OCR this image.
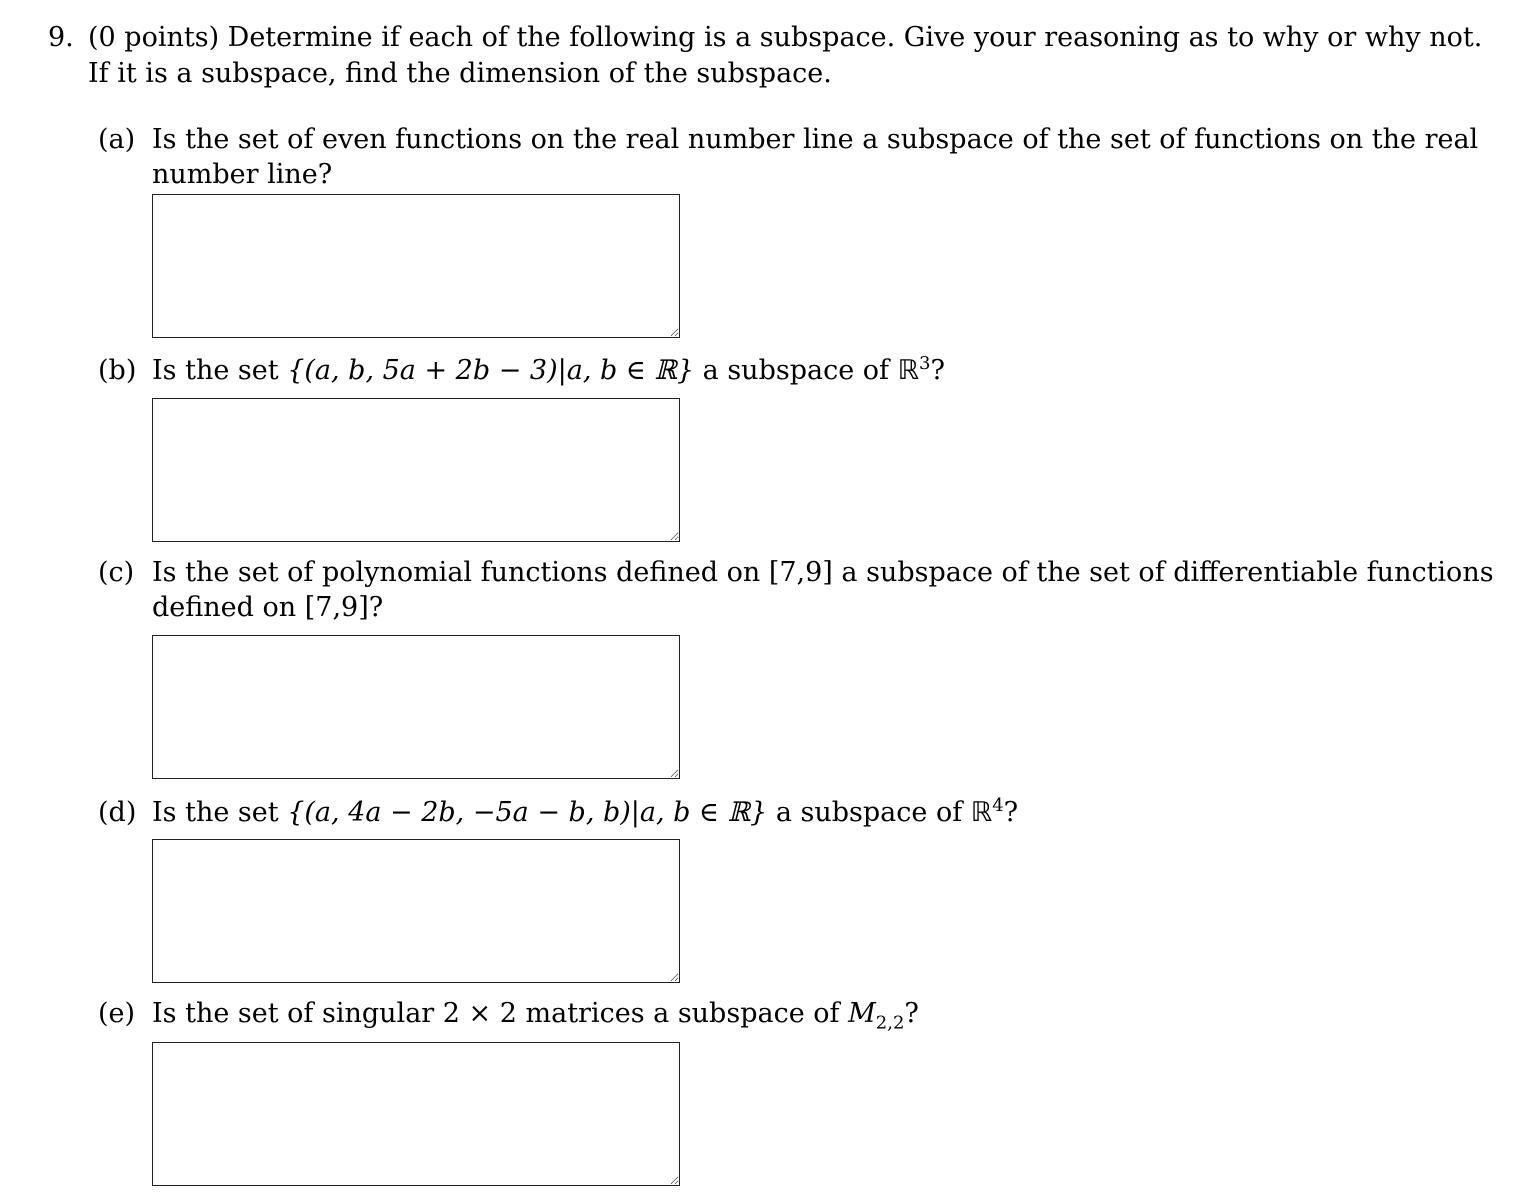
9. (0 points) Determine if each of the following is a subspace. Give your reasoning as to why or why not.
If it is a subspace, find the dimension of the subspace.
(a) Is the set of even functions on the real number line a subspace of the set of functions on the real
number line?
(b) Is the set {(a, b, 5a + 2b − 3)|a, b ∈ ℝ} a subspace of ℝ$^3$?
(c) Is the set of polynomial functions defined on [7,9] a subspace of the set of differentiable functions
defined on [7,9]?
(d) Is the set {(a, 4a − 2b, −5a − b, b)|a, b ∈ ℝ} a subspace of ℝ$^4$?
(e) Is the set of singular 2 × 2 matrices a subspace of $M_{2,2}$?
